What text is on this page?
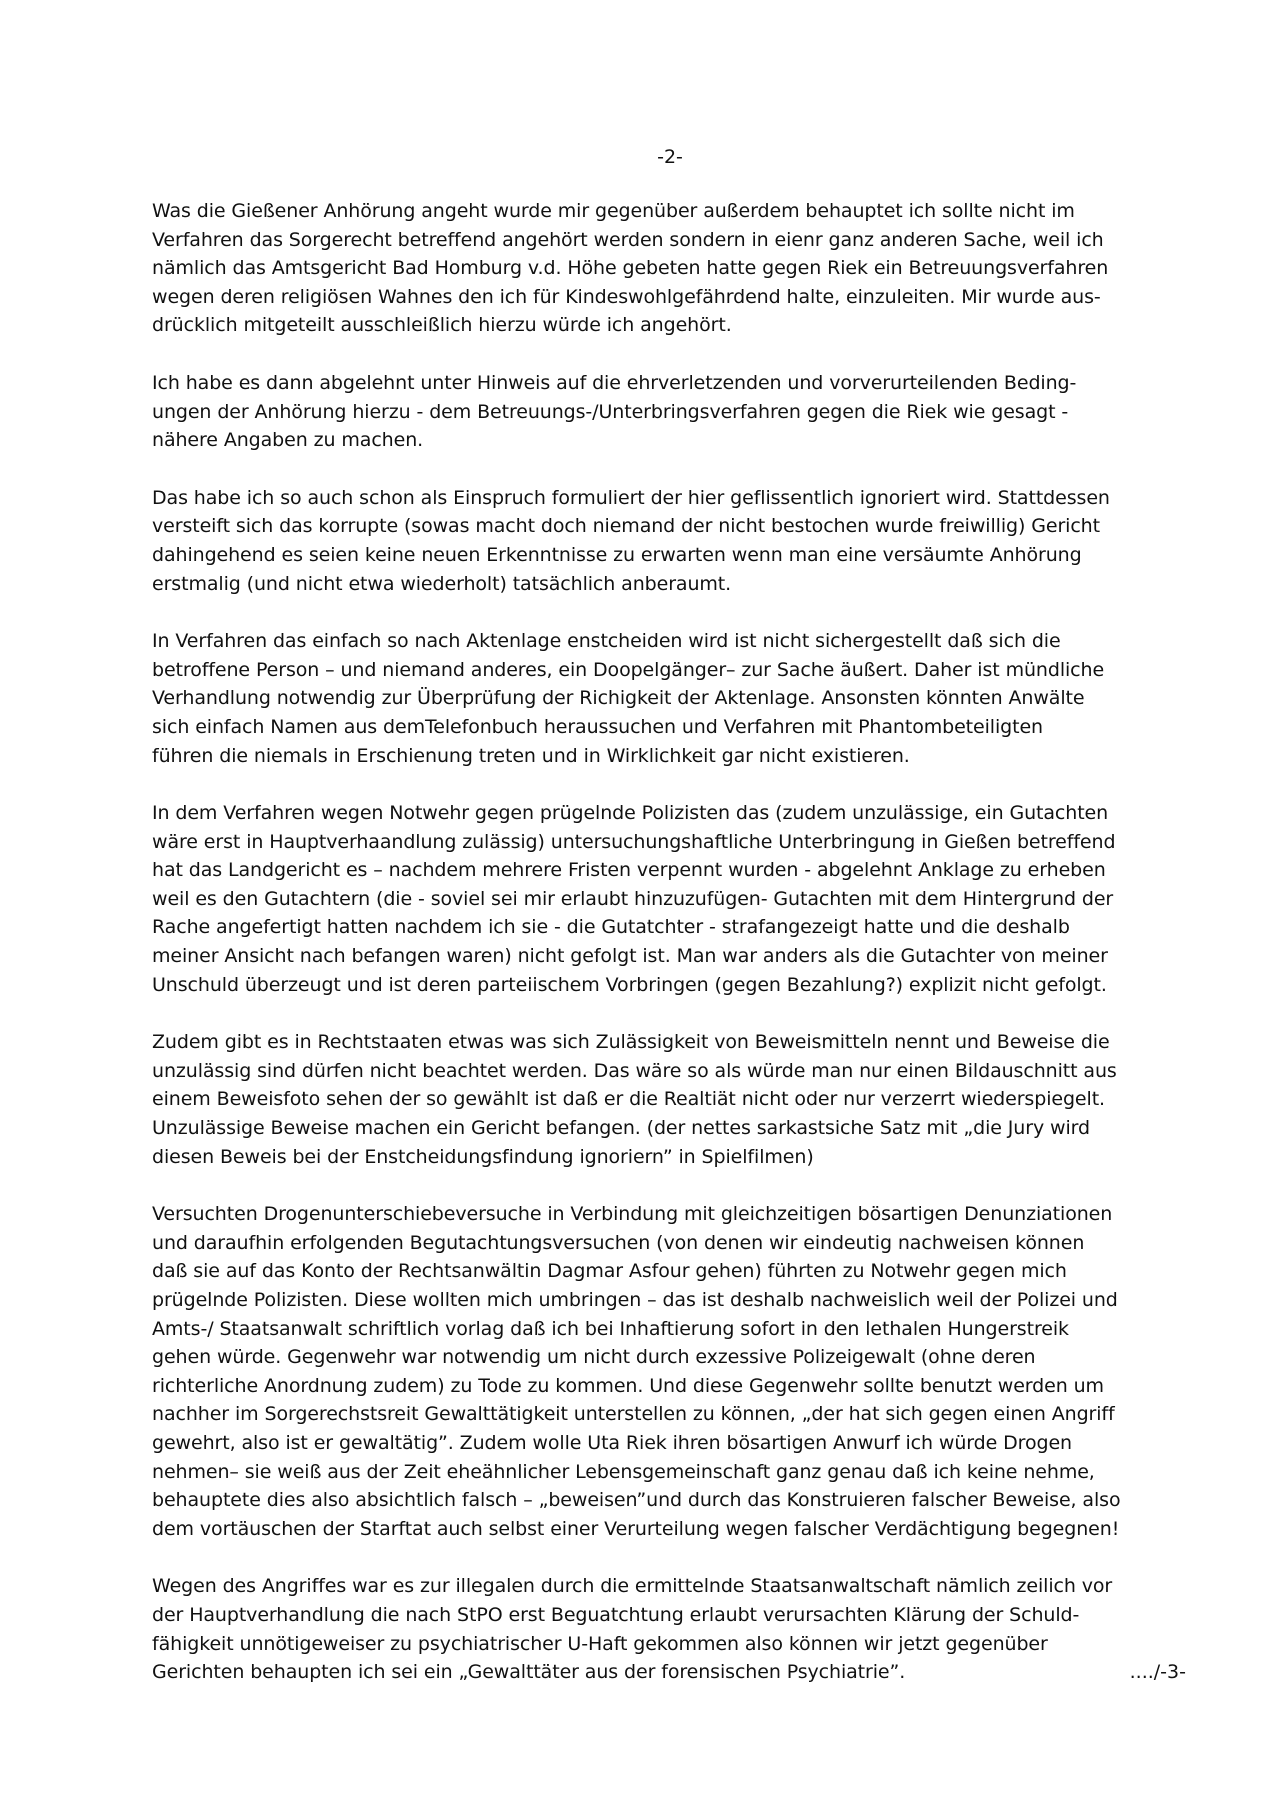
-2-
Was die Gießener Anhörung angeht wurde mir gegenüber außerdem behauptet ich sollte nicht im
Verfahren das Sorgerecht betreffend angehört werden sondern in eienr ganz anderen Sache, weil ich
nämlich das Amtsgericht Bad Homburg v.d. Höhe gebeten hatte gegen Riek ein Betreuungsverfahren
wegen deren religiösen Wahnes den ich für Kindeswohlgefährdend halte, einzuleiten. Mir wurde aus-
drücklich mitgeteilt ausschleißlich hierzu würde ich angehört.
Ich habe es dann abgelehnt unter Hinweis auf die ehrverletzenden und vorverurteilenden Beding-
ungen der Anhörung hierzu - dem Betreuungs-/Unterbringsverfahren gegen die Riek wie gesagt -
nähere Angaben zu machen.
Das habe ich so auch schon als Einspruch formuliert der hier geflissentlich ignoriert wird. Stattdessen
versteift sich das korrupte (sowas macht doch niemand der nicht bestochen wurde freiwillig) Gericht
dahingehend es seien keine neuen Erkenntnisse zu erwarten wenn man eine versäumte Anhörung
erstmalig (und nicht etwa wiederholt) tatsächlich anberaumt.
In Verfahren das einfach so nach Aktenlage enstcheiden wird ist nicht sichergestellt daß sich die
betroffene Person – und niemand anderes, ein Doopelgänger– zur Sache äußert. Daher ist mündliche
Verhandlung notwendig zur Überprüfung der Richigkeit der Aktenlage. Ansonsten könnten Anwälte
sich einfach Namen aus demTelefonbuch heraussuchen und Verfahren mit Phantombeteiligten
führen die niemals in Erschienung treten und in Wirklichkeit gar nicht existieren.
In dem Verfahren wegen Notwehr gegen prügelnde Polizisten das (zudem unzulässige, ein Gutachten
wäre erst in Hauptverhaandlung zulässig) untersuchungshaftliche Unterbringung in Gießen betreffend
hat das Landgericht es – nachdem mehrere Fristen verpennt wurden - abgelehnt Anklage zu erheben
weil es den Gutachtern (die - soviel sei mir erlaubt hinzuzufügen- Gutachten mit dem Hintergrund der
Rache angefertigt hatten nachdem ich sie - die Gutatchter - strafangezeigt hatte und die deshalb
meiner Ansicht nach befangen waren) nicht gefolgt ist. Man war anders als die Gutachter von meiner
Unschuld überzeugt und ist deren parteiischem Vorbringen (gegen Bezahlung?) explizit nicht gefolgt.
Zudem gibt es in Rechtstaaten etwas was sich Zulässigkeit von Beweismitteln nennt und Beweise die
unzulässig sind dürfen nicht beachtet werden. Das wäre so als würde man nur einen Bildauschnitt aus
einem Beweisfoto sehen der so gewählt ist daß er die Realtiät nicht oder nur verzerrt wiederspiegelt.
Unzulässige Beweise machen ein Gericht befangen. (der nettes sarkastsiche Satz mit „die Jury wird
diesen Beweis bei der Enstcheidungsfindung ignoriern” in Spielfilmen)
Versuchten Drogenunterschiebeversuche in Verbindung mit gleichzeitigen bösartigen Denunziationen
und daraufhin erfolgenden Begutachtungsversuchen (von denen wir eindeutig nachweisen können
daß sie auf das Konto der Rechtsanwältin Dagmar Asfour gehen) führten zu Notwehr gegen mich
prügelnde Polizisten. Diese wollten mich umbringen – das ist deshalb nachweislich weil der Polizei und
Amts-/ Staatsanwalt schriftlich vorlag daß ich bei Inhaftierung sofort in den lethalen Hungerstreik
gehen würde. Gegenwehr war notwendig um nicht durch exzessive Polizeigewalt (ohne deren
richterliche Anordnung zudem) zu Tode zu kommen. Und diese Gegenwehr sollte benutzt werden um
nachher im Sorgerechstsreit Gewalttätigkeit unterstellen zu können, „der hat sich gegen einen Angriff
gewehrt, also ist er gewaltätig”. Zudem wolle Uta Riek ihren bösartigen Anwurf ich würde Drogen
nehmen– sie weiß aus der Zeit eheähnlicher Lebensgemeinschaft ganz genau daß ich keine nehme,
behauptete dies also absichtlich falsch – „beweisen”und durch das Konstruieren falscher Beweise, also
dem vortäuschen der Starftat auch selbst einer Verurteilung wegen falscher Verdächtigung begegnen!
Wegen des Angriffes war es zur illegalen durch die ermittelnde Staatsanwaltschaft nämlich zeilich vor
der Hauptverhandlung die nach StPO erst Beguatchtung erlaubt verursachten Klärung der Schuld-
fähigkeit unnötigeweiser zu psychiatrischer U-Haft gekommen also können wir jetzt gegenüber
Gerichten behaupten ich sei ein „Gewalttäter aus der forensischen Psychiatrie”.	..../-3-
